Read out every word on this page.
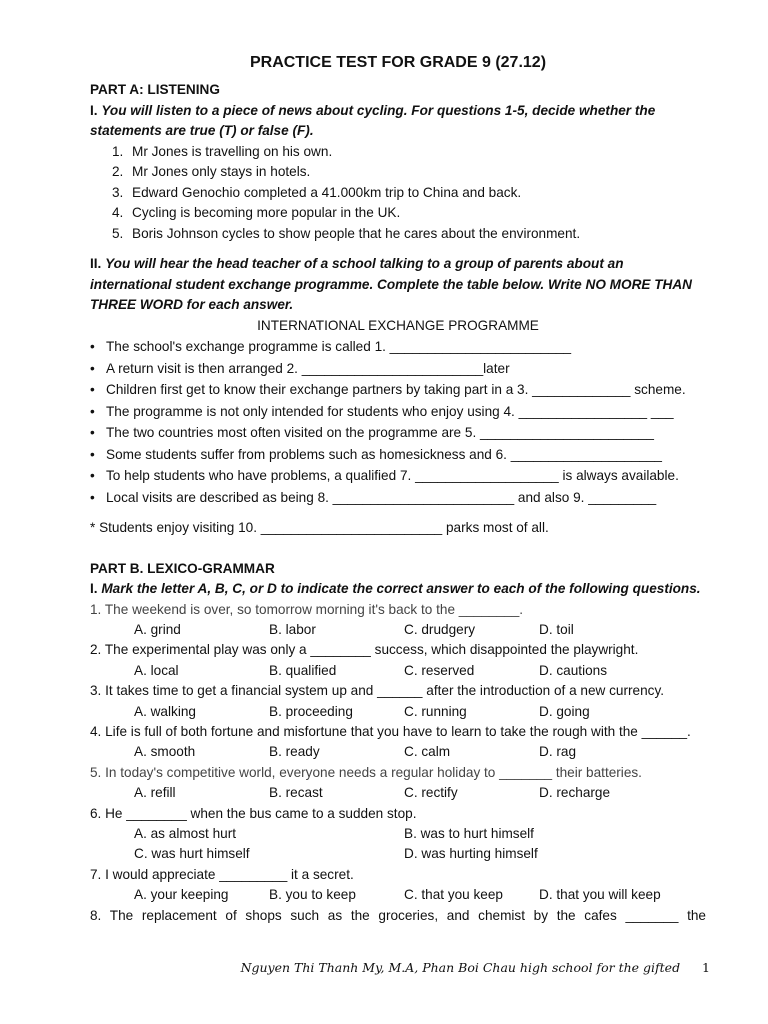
PRACTICE TEST FOR GRADE 9 (27.12)
PART A: LISTENING
I. You will listen to a piece of news about cycling. For questions 1-5, decide whether the statements are true (T) or false (F).
1. Mr Jones is travelling on his own.
2. Mr Jones only stays in hotels.
3. Edward Genochio completed a 41.000km trip to China and back.
4. Cycling is becoming more popular in the UK.
5. Boris Johnson cycles to show people that he cares about the environment.
II. You will hear the head teacher of a school talking to a group of parents about an international student exchange programme. Complete the table below. Write NO MORE THAN THREE WORD for each answer.
INTERNATIONAL EXCHANGE PROGRAMME
• The school's exchange programme is called 1. ________________________
• A return visit is then arranged 2. ________________________later
• Children first get to know their exchange partners by taking part in a 3. _____________ scheme.
• The programme is not only intended for students who enjoy using 4. _________________ ___
• The two countries most often visited on the programme are 5. _______________________
• Some students suffer from problems such as homesickness and 6. ____________________
• To help students who have problems, a qualified 7. ___________________ is always available.
• Local visits are described as being 8. ________________________ and also 9. _________
* Students enjoy visiting 10. ________________________ parks most of all.
PART B. LEXICO-GRAMMAR
I. Mark the letter A, B, C, or D to indicate the correct answer to each of the following questions.
1. The weekend is over, so tomorrow morning it's back to the ________.
A. grind	B. labor	C. drudgery	D. toil
2. The experimental play was only a ________ success, which disappointed the playwright.
A. local	B. qualified	C. reserved	D. cautions
3. It takes time to get a financial system up and ______ after the introduction of a new currency.
A. walking	B. proceeding	C. running	D. going
4. Life is full of both fortune and misfortune that you have to learn to take the rough with the ______.
A. smooth	B. ready	C. calm	D. rag
5. In today's competitive world, everyone needs a regular holiday to _______ their batteries.
A. refill	B. recast	C. rectify	D. recharge
6. He ________ when the bus came to a sudden stop.
A. as almost hurt	B. was to hurt himself
C. was hurt himself	D. was hurting himself
7. I would appreciate _________ it a secret.
A. your keeping	B. you to keep	C. that you keep	D. that you will keep
8. The replacement of shops such as the groceries, and chemist by the cafes _______ the
Nguyen Thi Thanh My, M.A, Phan Boi Chau high school for the gifted 1
